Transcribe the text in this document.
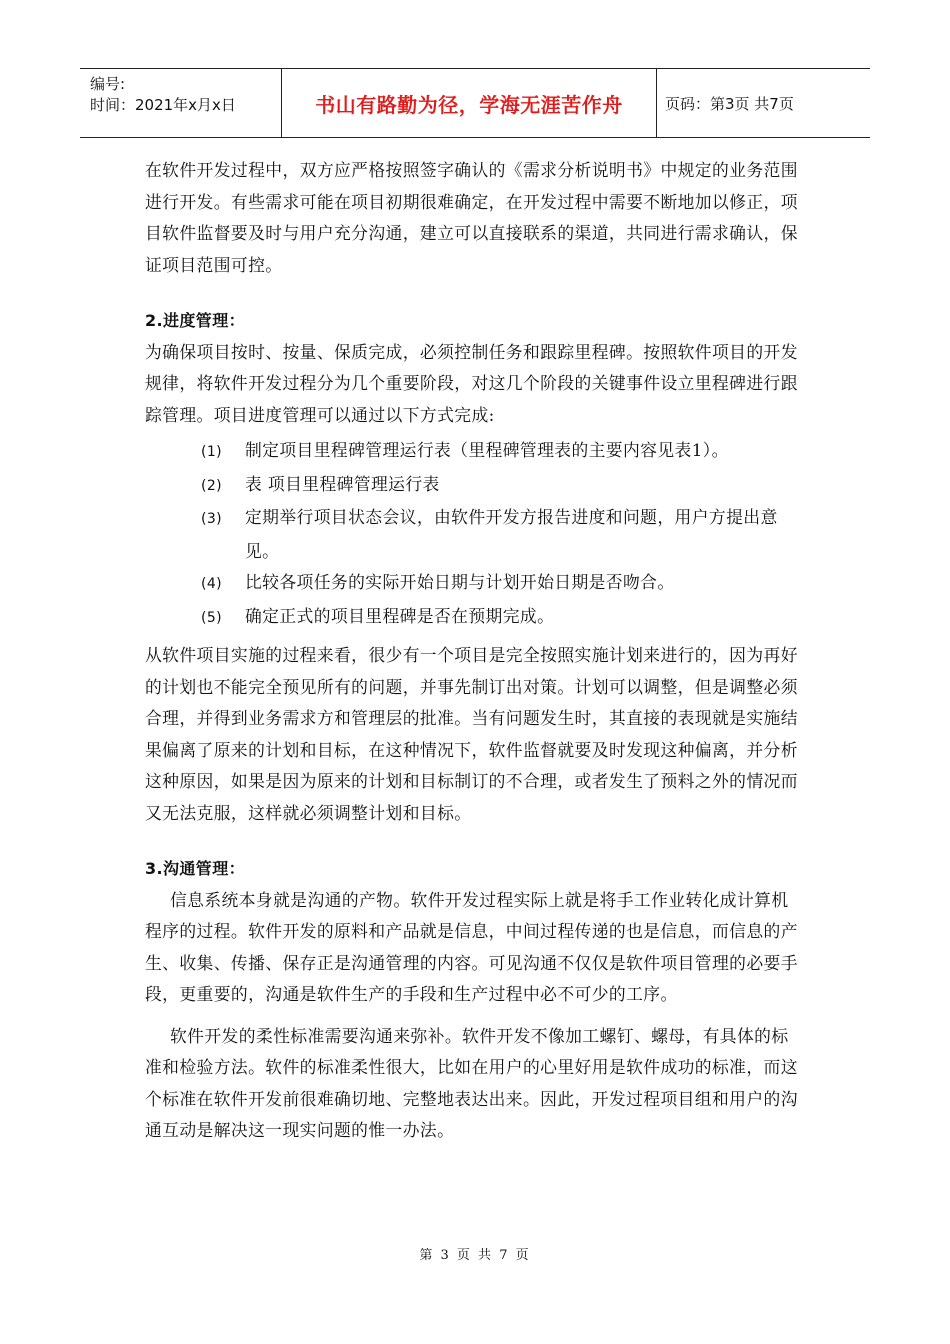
编号:
时间：2021年x月x日	书山有路勤为径，学海无涯苦作舟	页码：第3页 共7页

在软件开发过程中，双方应严格按照签字确认的《需求分析说明书》中规定的业务范围进行开发。有些需求可能在项目初期很难确定，在开发过程中需要不断地加以修正，项目软件监督要及时与用户充分沟通，建立可以直接联系的渠道，共同进行需求确认，保证项目范围可控。

2.进度管理：

为确保项目按时、按量、保质完成，必须控制任务和跟踪里程碑。按照软件项目的开发规律，将软件开发过程分为几个重要阶段，对这几个阶段的关键事件设立里程碑进行跟踪管理。项目进度管理可以通过以下方式完成:

(1) 制定项目里程碑管理运行表（里程碑管理表的主要内容见表1）。
(2) 表 项目里程碑管理运行表
(3) 定期举行项目状态会议，由软件开发方报告进度和问题，用户方提出意见。
(4) 比较各项任务的实际开始日期与计划开始日期是否吻合。
(5) 确定正式的项目里程碑是否在预期完成。

从软件项目实施的过程来看，很少有一个项目是完全按照实施计划来进行的，因为再好的计划也不能完全预见所有的问题，并事先制订出对策。计划可以调整，但是调整必须合理，并得到业务需求方和管理层的批准。当有问题发生时，其直接的表现就是实施结果偏离了原来的计划和目标，在这种情况下，软件监督就要及时发现这种偏离，并分析这种原因，如果是因为原来的计划和目标制订的不合理，或者发生了预料之外的情况而又无法克服，这样就必须调整计划和目标。

3.沟通管理：

信息系统本身就是沟通的产物。软件开发过程实际上就是将手工作业转化成计算机程序的过程。软件开发的原料和产品就是信息，中间过程传递的也是信息，而信息的产生、收集、传播、保存正是沟通管理的内容。可见沟通不仅仅是软件项目管理的必要手段，更重要的，沟通是软件生产的手段和生产过程中必不可少的工序。

软件开发的柔性标准需要沟通来弥补。软件开发不像加工螺钉、螺母，有具体的标准和检验方法。软件的标准柔性很大，比如在用户的心里好用是软件成功的标准，而这个标准在软件开发前很难确切地、完整地表达出来。因此，开发过程项目组和用户的沟通互动是解决这一现实问题的惟一办法。

第 3 页 共 7 页
